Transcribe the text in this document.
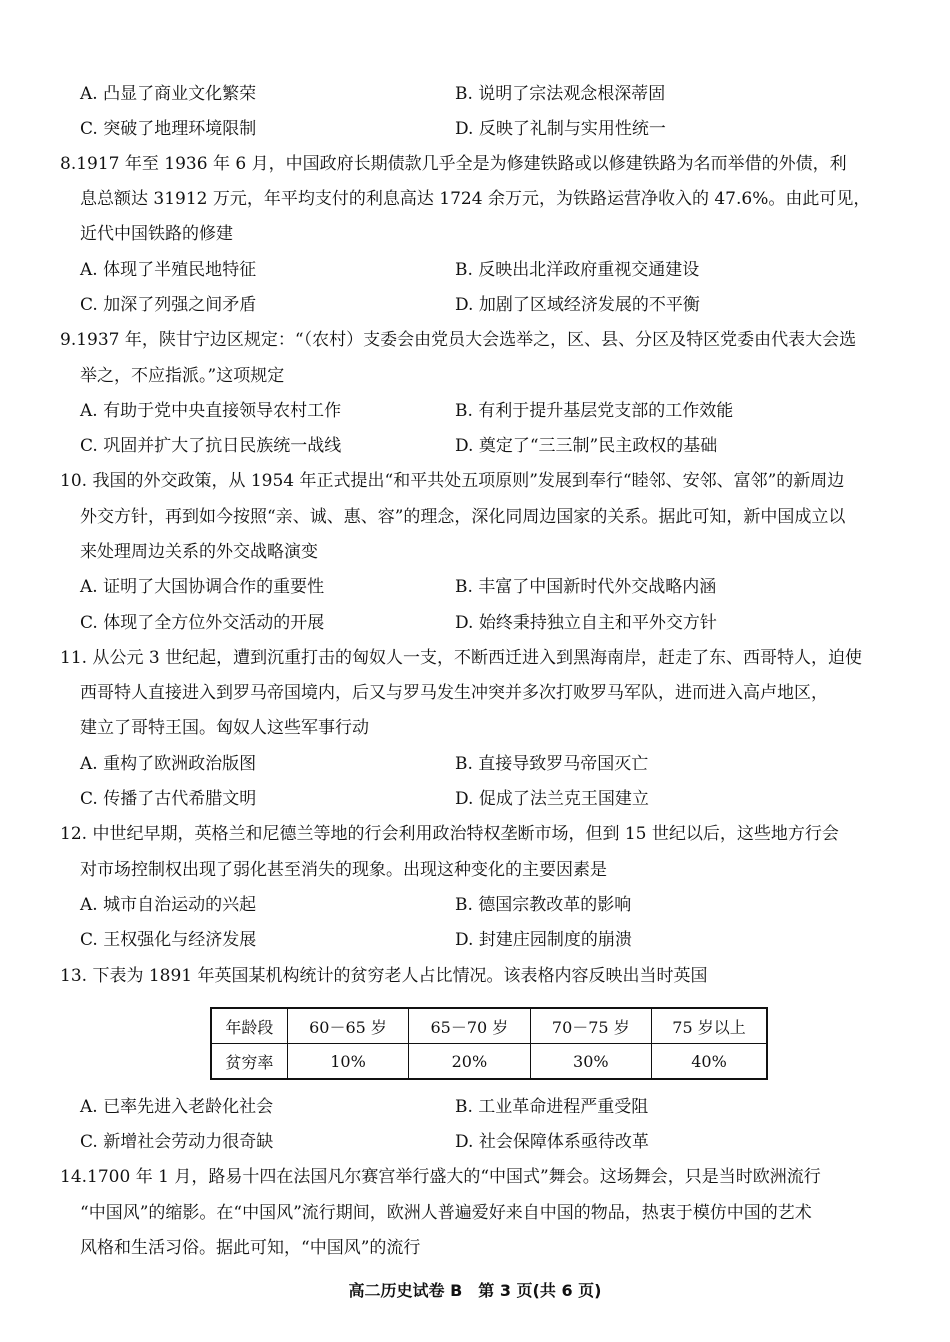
A. 凸显了商业文化繁荣	B. 说明了宗法观念根深蒂固
C. 突破了地理环境限制	D. 反映了礼制与实用性统一
8.1917 年至 1936 年 6 月，中国政府长期债款几乎全是为修建铁路或以修建铁路为名而举借的外债，利
息总额达 31912 万元，年平均支付的利息高达 1724 余万元，为铁路运营净收入的 47.6%。由此可见，
近代中国铁路的修建
A. 体现了半殖民地特征	B. 反映出北洋政府重视交通建设
C. 加深了列强之间矛盾	D. 加剧了区域经济发展的不平衡
9.1937 年，陕甘宁边区规定：“（农村）支委会由党员大会选举之，区、县、分区及特区党委由代表大会选
举之，不应指派。”这项规定
A. 有助于党中央直接领导农村工作	B. 有利于提升基层党支部的工作效能
C. 巩固并扩大了抗日民族统一战线	D. 奠定了“三三制”民主政权的基础
10. 我国的外交政策，从 1954 年正式提出“和平共处五项原则”发展到奉行“睦邻、安邻、富邻”的新周边
外交方针，再到如今按照“亲、诚、惠、容”的理念，深化同周边国家的关系。据此可知，新中国成立以
来处理周边关系的外交战略演变
A. 证明了大国协调合作的重要性	B. 丰富了中国新时代外交战略内涵
C. 体现了全方位外交活动的开展	D. 始终秉持独立自主和平外交方针
11. 从公元 3 世纪起，遭到沉重打击的匈奴人一支，不断西迁进入到黑海南岸，赶走了东、西哥特人，迫使
西哥特人直接进入到罗马帝国境内，后又与罗马发生冲突并多次打败罗马军队，进而进入高卢地区，
建立了哥特王国。匈奴人这些军事行动
A. 重构了欧洲政治版图	B. 直接导致罗马帝国灭亡
C. 传播了古代希腊文明	D. 促成了法兰克王国建立
12. 中世纪早期，英格兰和尼德兰等地的行会利用政治特权垄断市场，但到 15 世纪以后，这些地方行会
对市场控制权出现了弱化甚至消失的现象。出现这种变化的主要因素是
A. 城市自治运动的兴起	B. 德国宗教改革的影响
C. 王权强化与经济发展	D. 封建庄园制度的崩溃
13. 下表为 1891 年英国某机构统计的贫穷老人占比情况。该表格内容反映出当时英国
年龄段	60－65 岁	65－70 岁	70－75 岁	75 岁以上
贫穷率	10%	20%	30%	40%
A. 已率先进入老龄化社会	B. 工业革命进程严重受阻
C. 新增社会劳动力很奇缺	D. 社会保障体系亟待改革
14.1700 年 1 月，路易十四在法国凡尔赛宫举行盛大的“中国式”舞会。这场舞会，只是当时欧洲流行
“中国风”的缩影。在“中国风”流行期间，欧洲人普遍爱好来自中国的物品，热衷于模仿中国的艺术
风格和生活习俗。据此可知，“中国风”的流行
高二历史试卷 B　第 3 页(共 6 页)
